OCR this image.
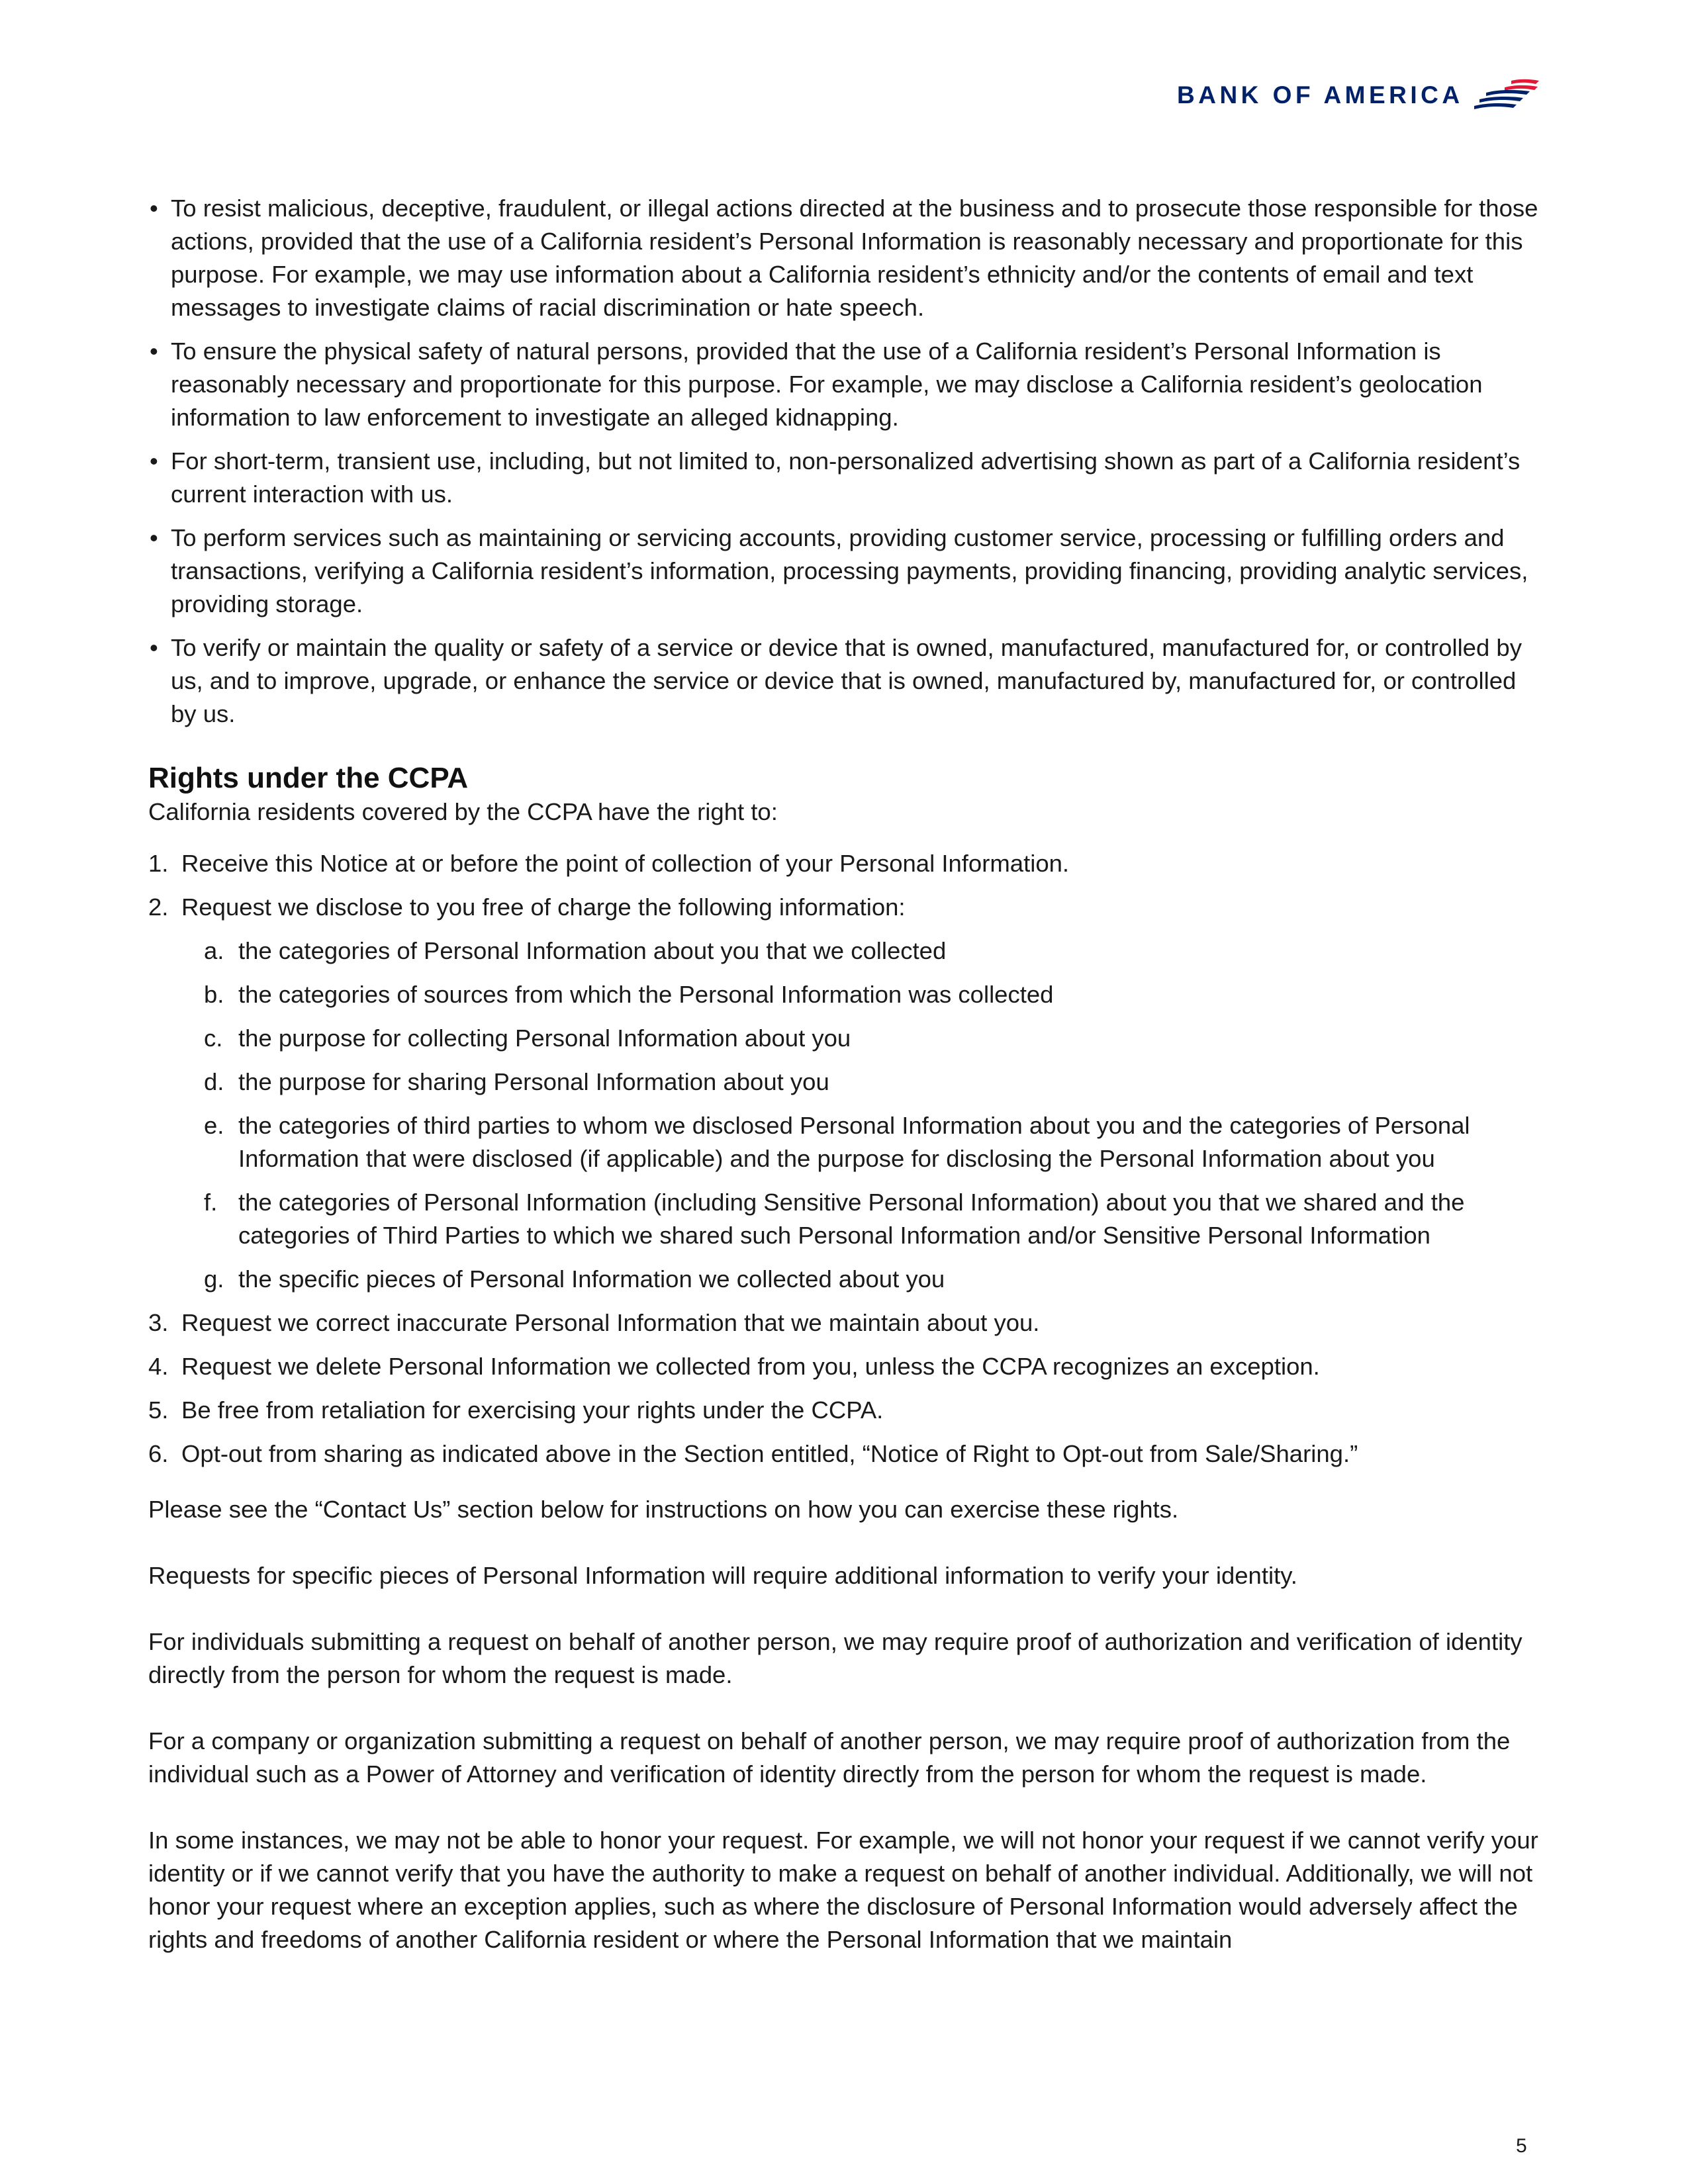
BANK OF AMERICA
• To resist malicious, deceptive, fraudulent, or illegal actions directed at the business and to prosecute those responsible for those actions, provided that the use of a California resident’s Personal Information is reasonably necessary and proportionate for this purpose. For example, we may use information about a California resident’s ethnicity and/or the contents of email and text messages to investigate claims of racial discrimination or hate speech.
• To ensure the physical safety of natural persons, provided that the use of a California resident’s Personal Information is reasonably necessary and proportionate for this purpose. For example, we may disclose a California resident’s geolocation information to law enforcement to investigate an alleged kidnapping.
• For short-term, transient use, including, but not limited to, non-personalized advertising shown as part of a California resident’s current interaction with us.
• To perform services such as maintaining or servicing accounts, providing customer service, processing or fulfilling orders and transactions, verifying a California resident’s information, processing payments, providing financing, providing analytic services, providing storage.
• To verify or maintain the quality or safety of a service or device that is owned, manufactured, manufactured for, or controlled by us, and to improve, upgrade, or enhance the service or device that is owned, manufactured by, manufactured for, or controlled by us.
Rights under the CCPA

California residents covered by the CCPA have the right to:

1. Receive this Notice at or before the point of collection of your Personal Information.
2. Request we disclose to you free of charge the following information:
a. the categories of Personal Information about you that we collected
b. the categories of sources from which the Personal Information was collected
c. the purpose for collecting Personal Information about you
d. the purpose for sharing Personal Information about you
e. the categories of third parties to whom we disclosed Personal Information about you and the categories of Personal Information that were disclosed (if applicable) and the purpose for disclosing the Personal Information about you
f. the categories of Personal Information (including Sensitive Personal Information) about you that we shared and the categories of Third Parties to which we shared such Personal Information and/or Sensitive Personal Information
g. the specific pieces of Personal Information we collected about you
3. Request we correct inaccurate Personal Information that we maintain about you.
4. Request we delete Personal Information we collected from you, unless the CCPA recognizes an exception.
5. Be free from retaliation for exercising your rights under the CCPA.
6. Opt-out from sharing as indicated above in the Section entitled, “Notice of Right to Opt-out from Sale/Sharing.”

Please see the “Contact Us” section below for instructions on how you can exercise these rights.

Requests for specific pieces of Personal Information will require additional information to verify your identity.

For individuals submitting a request on behalf of another person, we may require proof of authorization and verification of identity directly from the person for whom the request is made.

For a company or organization submitting a request on behalf of another person, we may require proof of authorization from the individual such as a Power of Attorney and verification of identity directly from the person for whom the request is made.

In some instances, we may not be able to honor your request. For example, we will not honor your request if we cannot verify your identity or if we cannot verify that you have the authority to make a request on behalf of another individual. Additionally, we will not honor your request where an exception applies, such as where the disclosure of Personal Information would adversely affect the rights and freedoms of another California resident or where the Personal Information that we maintain

5
